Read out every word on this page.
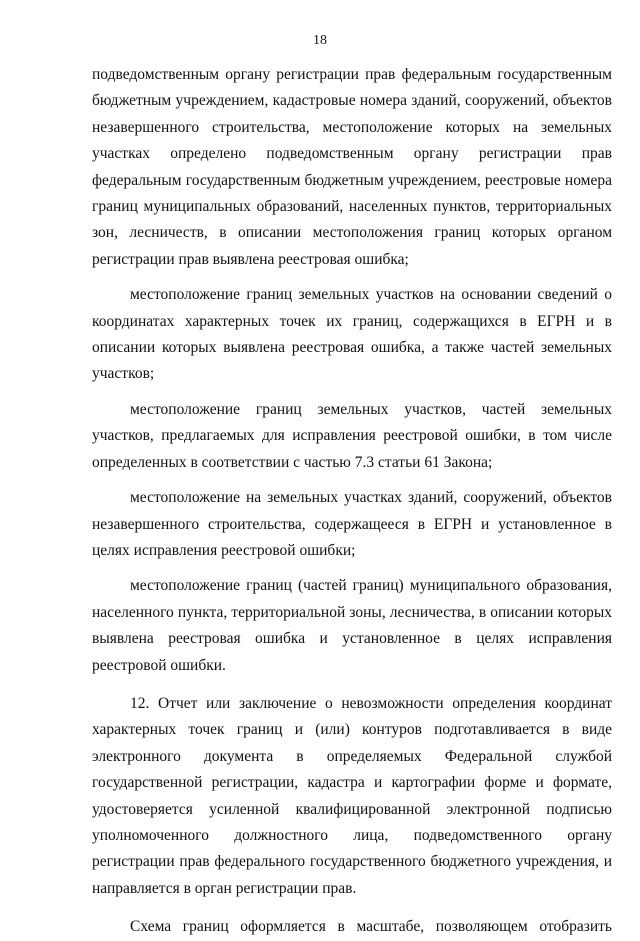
18

подведомственным органу регистрации прав федеральным государственным бюджетным учреждением, кадастровые номера зданий, сооружений, объектов незавершенного строительства, местоположение которых на земельных участках определено подведомственным органу регистрации прав федеральным государственным бюджетным учреждением, реестровые номера границ муниципальных образований, населенных пунктов, территориальных зон, лесничеств, в описании местоположения границ которых органом регистрации прав выявлена реестровая ошибка;

местоположение границ земельных участков на основании сведений о координатах характерных точек их границ, содержащихся в ЕГРН и в описании которых выявлена реестровая ошибка, а также частей земельных участков;

местоположение границ земельных участков, частей земельных участков, предлагаемых для исправления реестровой ошибки, в том числе определенных в соответствии с частью 7.3 статьи 61 Закона;

местоположение на земельных участках зданий, сооружений, объектов незавершенного строительства, содержащееся в ЕГРН и установленное в целях исправления реестровой ошибки;

местоположение границ (частей границ) муниципального образования, населенного пункта, территориальной зоны, лесничества, в описании которых выявлена реестровая ошибка и установленное в целях исправления реестровой ошибки.

12. Отчет или заключение о невозможности определения координат характерных точек границ и (или) контуров подготавливается в виде электронного документа в определяемых Федеральной службой государственной регистрации, кадастра и картографии форме и формате, удостоверяется усиленной квалифицированной электронной подписью уполномоченного должностного лица, подведомственного органу регистрации прав федерального государственного бюджетного учреждения, и направляется в орган регистрации прав.

Схема границ оформляется в масштабе, позволяющем отобразить
